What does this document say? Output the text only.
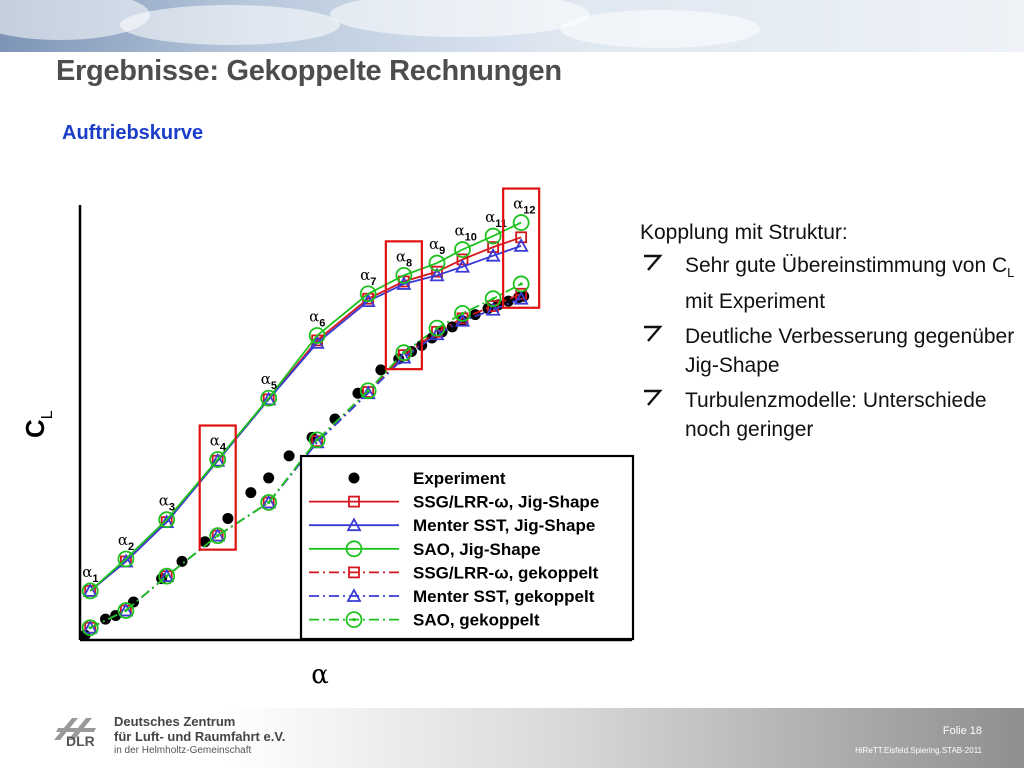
Ergebnisse: Gekoppelte Rechnungen
Auftriebskurve
α
$C_L$
$\alpha_1$
$\alpha_2$
$\alpha_3$
$\alpha_4$
$\alpha_5$
$\alpha_6$
$\alpha_7$
$\alpha_8$
$\alpha_9$
$\alpha_{10}$
$\alpha_{11}$
$\alpha_{12}$
Experiment
SSG/LRR-ω, Jig-Shape
Menter SST, Jig-Shape
SAO, Jig-Shape
SSG/LRR-ω, gekoppelt
Menter SST, gekoppelt
SAO, gekoppelt
Kopplung mit Struktur:
Sehr gute Übereinstimmung von $C_L$ mit Experiment
Deutliche Verbesserung gegenüber Jig-Shape
Turbulenzmodelle: Unterschiede noch geringer
DLR
Deutsches Zentrum
für Luft- und Raumfahrt e.V.
in der Helmholtz-Gemeinschaft
Folie 18
HiReTT.Eisfeld.Spiering.STAB-2011
